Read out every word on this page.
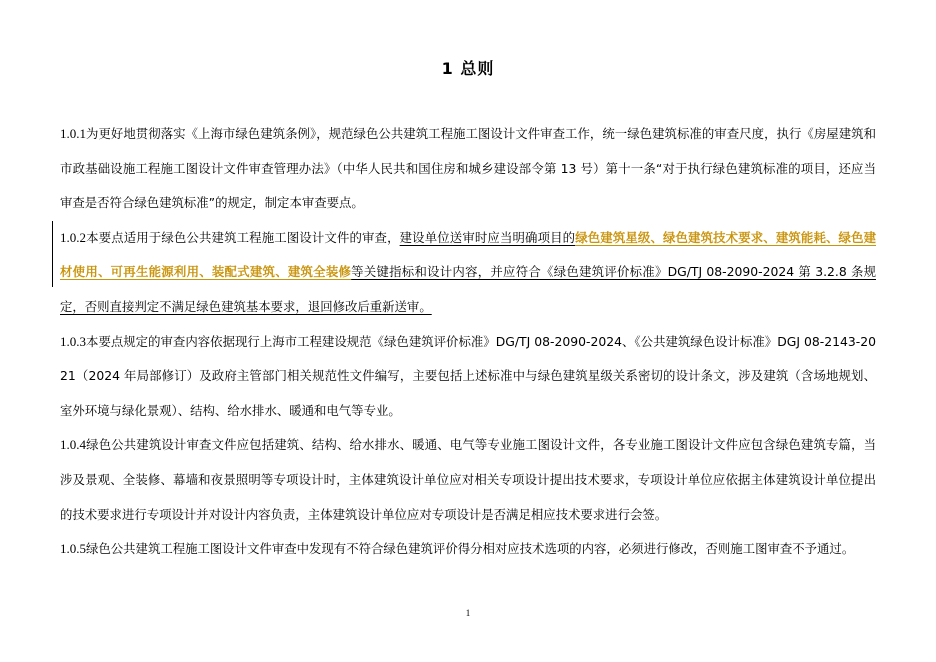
1 总则

1.0.1为更好地贯彻落实《上海市绿色建筑条例》，规范绿色公共建筑工程施工图设计文件审查工作，统一绿色建筑标准的审查尺度，执行《房屋建筑和市政基础设施工程施工图设计文件审查管理办法》（中华人民共和国住房和城乡建设部令第 13 号）第十一条“对于执行绿色建筑标准的项目，还应当审查是否符合绿色建筑标准”的规定，制定本审查要点。

1.0.2本要点适用于绿色公共建筑工程施工图设计文件的审查，建设单位送审时应当明确项目的绿色建筑星级、绿色建筑技术要求、建筑能耗、绿色建材使用、可再生能源利用、装配式建筑、建筑全装修等关键指标和设计内容，并应符合《绿色建筑评价标准》DG/TJ 08-2090-2024 第 3.2.8 条规定，否则直接判定不满足绿色建筑基本要求，退回修改后重新送审。

1.0.3本要点规定的审查内容依据现行上海市工程建设规范《绿色建筑评价标准》DG/TJ 08-2090-2024、《公共建筑绿色设计标准》DGJ 08-2143-2021（2024 年局部修订）及政府主管部门相关规范性文件编写，主要包括上述标准中与绿色建筑星级关系密切的设计条文，涉及建筑（含场地规划、室外环境与绿化景观）、结构、给水排水、暖通和电气等专业。

1.0.4绿色公共建筑设计审查文件应包括建筑、结构、给水排水、暖通、电气等专业施工图设计文件，各专业施工图设计文件应包含绿色建筑专篇，当涉及景观、全装修、幕墙和夜景照明等专项设计时，主体建筑设计单位应对相关专项设计提出技术要求，专项设计单位应依据主体建筑设计单位提出的技术要求进行专项设计并对设计内容负责，主体建筑设计单位应对专项设计是否满足相应技术要求进行会签。

1.0.5绿色公共建筑工程施工图设计文件审查中发现有不符合绿色建筑评价得分相对应技术选项的内容，必须进行修改，否则施工图审查不予通过。

1
